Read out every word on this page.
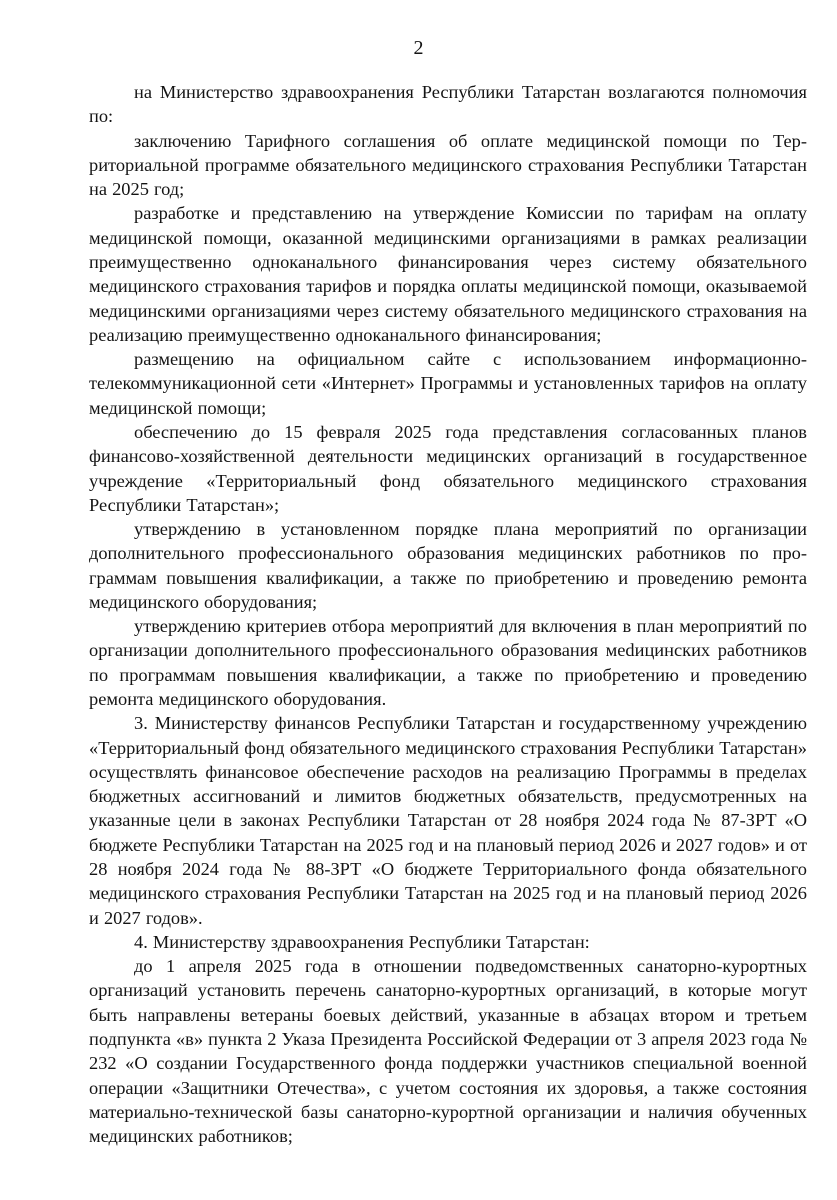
2

на Министерство здравоохранения Республики Татарстан возлагаются полномочия по:

заключению Тарифного соглашения об оплате медицинской помощи по Территориальной программе обязательного медицинского страхования Республики Татарстан на 2025 год;

разработке и представлению на утверждение Комиссии по тарифам на оплату медицинской помощи, оказанной медицинскими организациями в рамках реализации преимущественно одноканального финансирования через систему обязательного медицинского страхования тарифов и порядка оплаты медицинской помощи, оказываемой медицинскими организациями через систему обязательного медицинского страхования на реализацию преимущественно одноканального финансирования;

размещению на официальном сайте с использованием информационно-телекоммуникационной сети «Интернет» Программы и установленных тарифов на оплату медицинской помощи;

обеспечению до 15 февраля 2025 года представления согласованных планов финансово-хозяйственной деятельности медицинских организаций в государственное учреждение «Территориальный фонд обязательного медицинского страхования Республики Татарстан»;

утверждению в установленном порядке плана мероприятий по организации дополнительного профессионального образования медицинских работников по программам повышения квалификации, а также по приобретению и проведению ремонта медицинского оборудования;

утверждению критериев отбора мероприятий для включения в план мероприятий по организации дополнительного профессионального образования меdицинских работников по программам повышения квалификации, а также по приобретению и проведению ремонта медицинского оборудования.

3. Министерству финансов Республики Татарстан и государственному учреждению «Территориальный фонд обязательного медицинского страхования Республики Татарстан» осуществлять финансовое обеспечение расходов на реализацию Программы в пределах бюджетных ассигнований и лимитов бюджетных обязательств, предусмотренных на указанные цели в законах Республики Татарстан от 28 ноября 2024 года № 87-ЗРТ «О бюджете Республики Татарстан на 2025 год и на плановый период 2026 и 2027 годов» и от 28 ноября 2024 года № 88-ЗРТ «О бюджете Территориального фонда обязательного медицинского страхования Республики Татарстан на 2025 год и на плановый период 2026 и 2027 годов».

4. Министерству здравоохранения Республики Татарстан:

до 1 апреля 2025 года в отношении подведомственных санаторно-курортных организаций установить перечень санаторно-курортных организаций, в которые могут быть направлены ветераны боевых действий, указанные в абзацах втором и третьем подпункта «в» пункта 2 Указа Президента Российской Федерации от 3 апреля 2023 года № 232 «О создании Государственного фонда поддержки участников специальной военной операции «Защитники Отечества», с учетом состояния их здоровья, а также состояния материально-технической базы санаторно-курортной организации и наличия обученных медицинских работников;
